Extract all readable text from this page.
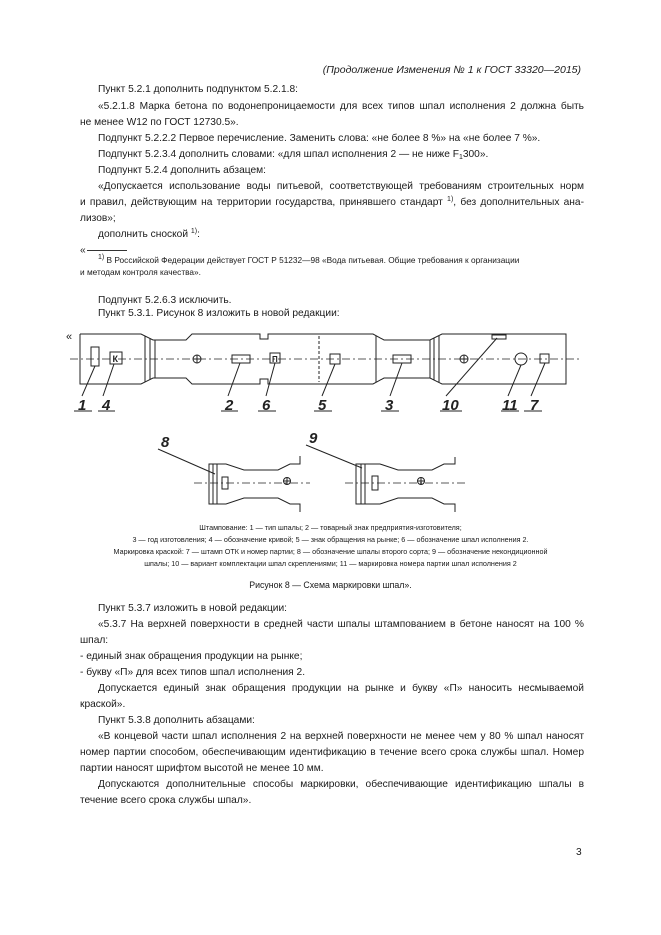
(Продолжение Изменения № 1 к ГОСТ 33320—2015)
Пункт 5.2.1 дополнить подпунктом 5.2.1.8:
«5.2.1.8 Марка бетона по водонепроницаемости для всех типов шпал исполнения 2 должна быть
не менее W12 по ГОСТ 12730.5».
Подпункт 5.2.2.2 Первое перечисление. Заменить слова: «не более 8 %» на «не более 7 %».
Подпункт 5.2.3.4 дополнить словами: «для шпал исполнения 2 — не ниже $F_1300$».
Подпункт 5.2.4 дополнить абзацем:
«Допускается использование воды питьевой, соответствующей требованиям строительных норм
и правил, действующим на территории государства, принявшего стандарт $^{1)}$, без дополнительных ана-
лизов»;
дополнить сноской $^{1)}$:
«
$^{1)}$ В Российской Федерации действует ГОСТ Р 51232—98 «Вода питьевая. Общие требования к организации
и методам контроля качества».
Подпункт 5.2.6.3 исключить.
Пункт 5.3.1. Рисунок 8 изложить в новой редакции:
«
К	П
1 4	2 6	5	3	10	11 7
8	9
Штампование: 1 — тип шпалы; 2 — товарный знак предприятия-изготовителя;
3 — год изготовления; 4 — обозначение кривой; 5 — знак обращения на рынке; 6 — обозначение шпал исполнения 2.
Маркировка краской: 7 — штамп ОТК и номер партии; 8 — обозначение шпалы второго сорта; 9 — обозначение некондиционной
шпалы; 10 — вариант комплектации шпал скреплениями; 11 — маркировка номера партии шпал исполнения 2
Рисунок 8 — Схема маркировки шпал».
Пункт 5.3.7 изложить в новой редакции:
«5.3.7 На верхней поверхности в средней части шпалы штампованием в бетоне наносят на 100 %
шпал:
- единый знак обращения продукции на рынке;
- букву «П» для всех типов шпал исполнения 2.
Допускается единый знак обращения продукции на рынке и букву «П» наносить несмываемой
краской».
Пункт 5.3.8 дополнить абзацами:
«В концевой части шпал исполнения 2 на верхней поверхности не менее чем у 80 % шпал наносят
номер партии способом, обеспечивающим идентификацию в течение всего срока службы шпал. Номер
партии наносят шрифтом высотой не менее 10 мм.
Допускаются дополнительные способы маркировки, обеспечивающие идентификацию шпалы в
течение всего срока службы шпал».
3
